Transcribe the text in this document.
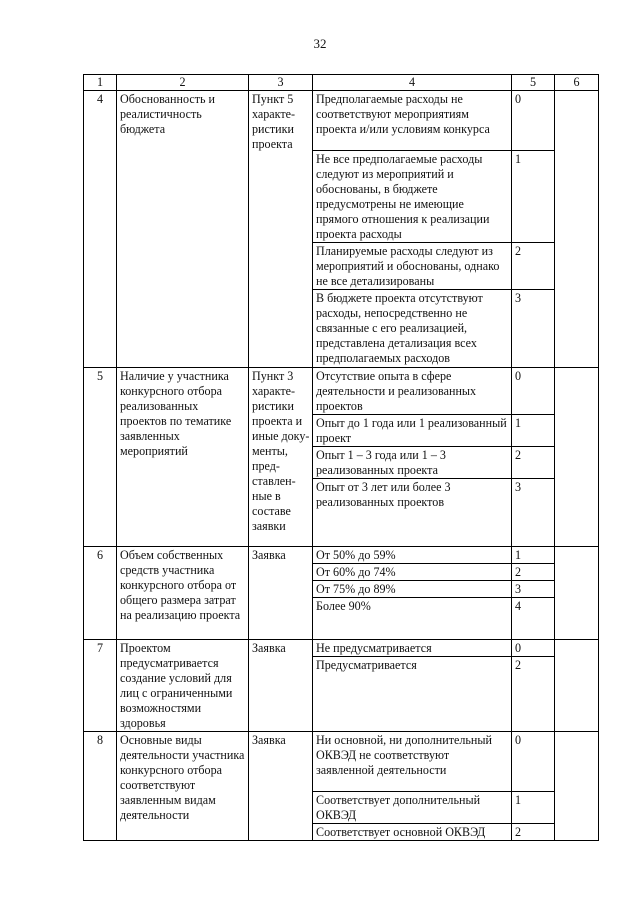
32
1	2	3	4	5	6
4	Обоснованность и реалистичность бюджета	Пункт 5 характе-ристики проекта	Предполагаемые расходы не соответствуют мероприятиям проекта и/или условиям конкурса	0	
			Не все предполагаемые расходы следуют из мероприятий и обоснованы, в бюджете предусмотрены не имеющие прямого отношения к реализации проекта расходы	1	
			Планируемые расходы следуют из мероприятий и обоснованы, однако не все детализированы	2	
			В бюджете проекта отсутствуют расходы, непосредственно не связанные с его реализацией, представлена детализация всех предполагаемых расходов	3	
5	Наличие у участника конкурсного отбора реализованных проектов по тематике заявленных мероприятий	Пункт 3 характе-ристики проекта и иные доку-менты, пред-ставлен-ные в составе заявки	Отсутствие опыта в сфере деятельности и реализованных проектов	0	
			Опыт до 1 года или 1 реализованный проект	1	
			Опыт 1 – 3 года или 1 – 3 реализованных проекта	2	
			Опыт от 3 лет или более 3 реализованных проектов	3	
6	Объем собственных средств участника конкурсного отбора от общего размера затрат на реализацию проекта	Заявка	От 50% до 59%	1	
			От 60% до 74%	2	
			От 75% до 89%	3	
			Более 90%	4	
7	Проектом предусматривается создание условий для лиц с ограниченными возможностями здоровья	Заявка	Не предусматривается	0	
			Предусматривается	2	
8	Основные виды деятельности участника конкурсного отбора соответствуют заявленным видам деятельности	Заявка	Ни основной, ни дополнительный ОКВЭД не соответствуют заявленной деятельности	0	
			Соответствует дополнительный ОКВЭД	1	
			Соответствует основной ОКВЭД	2	
